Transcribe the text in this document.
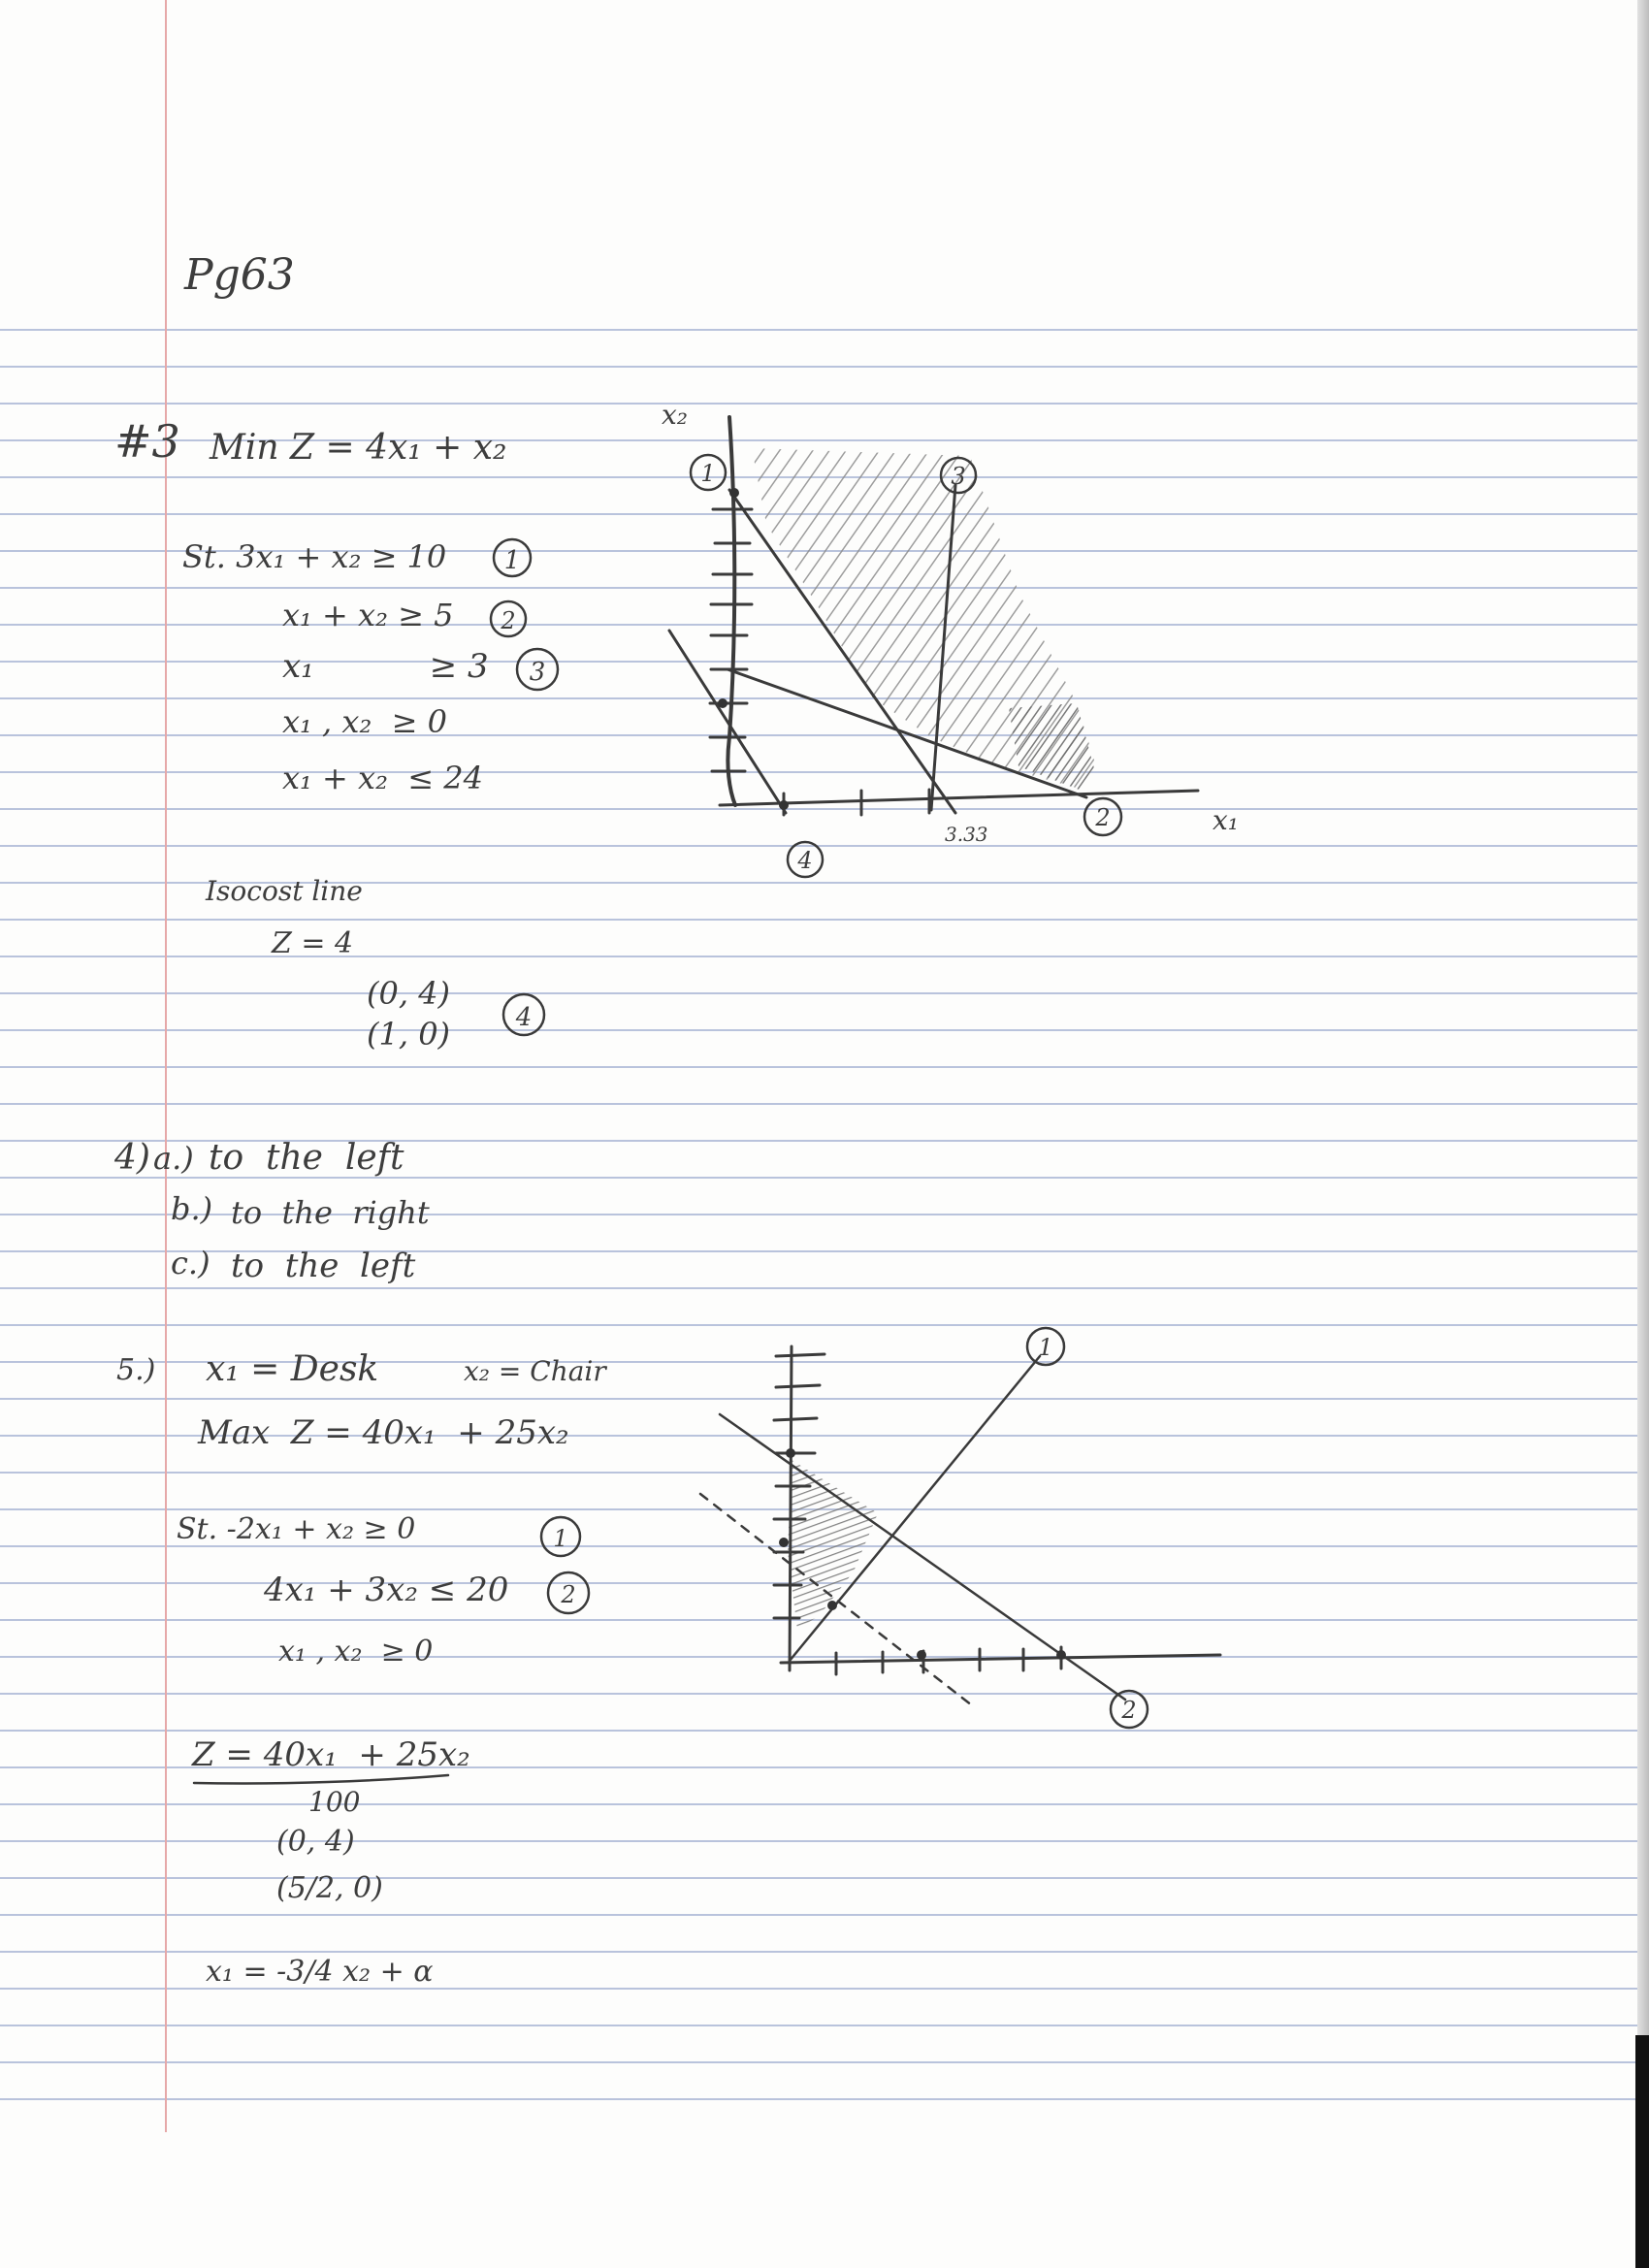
Pg63
#3 Min Z = 4x₁ + x₂
St. 3x₁ + x₂ ≥ 10
x₁ + x₂ ≥ 5
x₁           ≥ 3
x₁ , x₂  ≥ 0
x₁ + x₂  ≤ 24
1
2
3
Isocost line
Z = 4
(0, 4)
(1, 0)	4
x₂
x₁
3.33
1	3
2
4
4) a.) to  the  left
b.) to  the  right
c.) to  the  left
5.) x₁ = Desk	x₂ = Chair
Max  Z = 40x₁  + 25x₂
St. -2x₁ + x₂ ≥ 0
4x₁ + 3x₂ ≤ 20
x₁ , x₂  ≥ 0
1
2
Z = 40x₁  + 25x₂
100
(0, 4)
(5/2, 0)
x₁ = -3/4 x₂ + α
1
2
